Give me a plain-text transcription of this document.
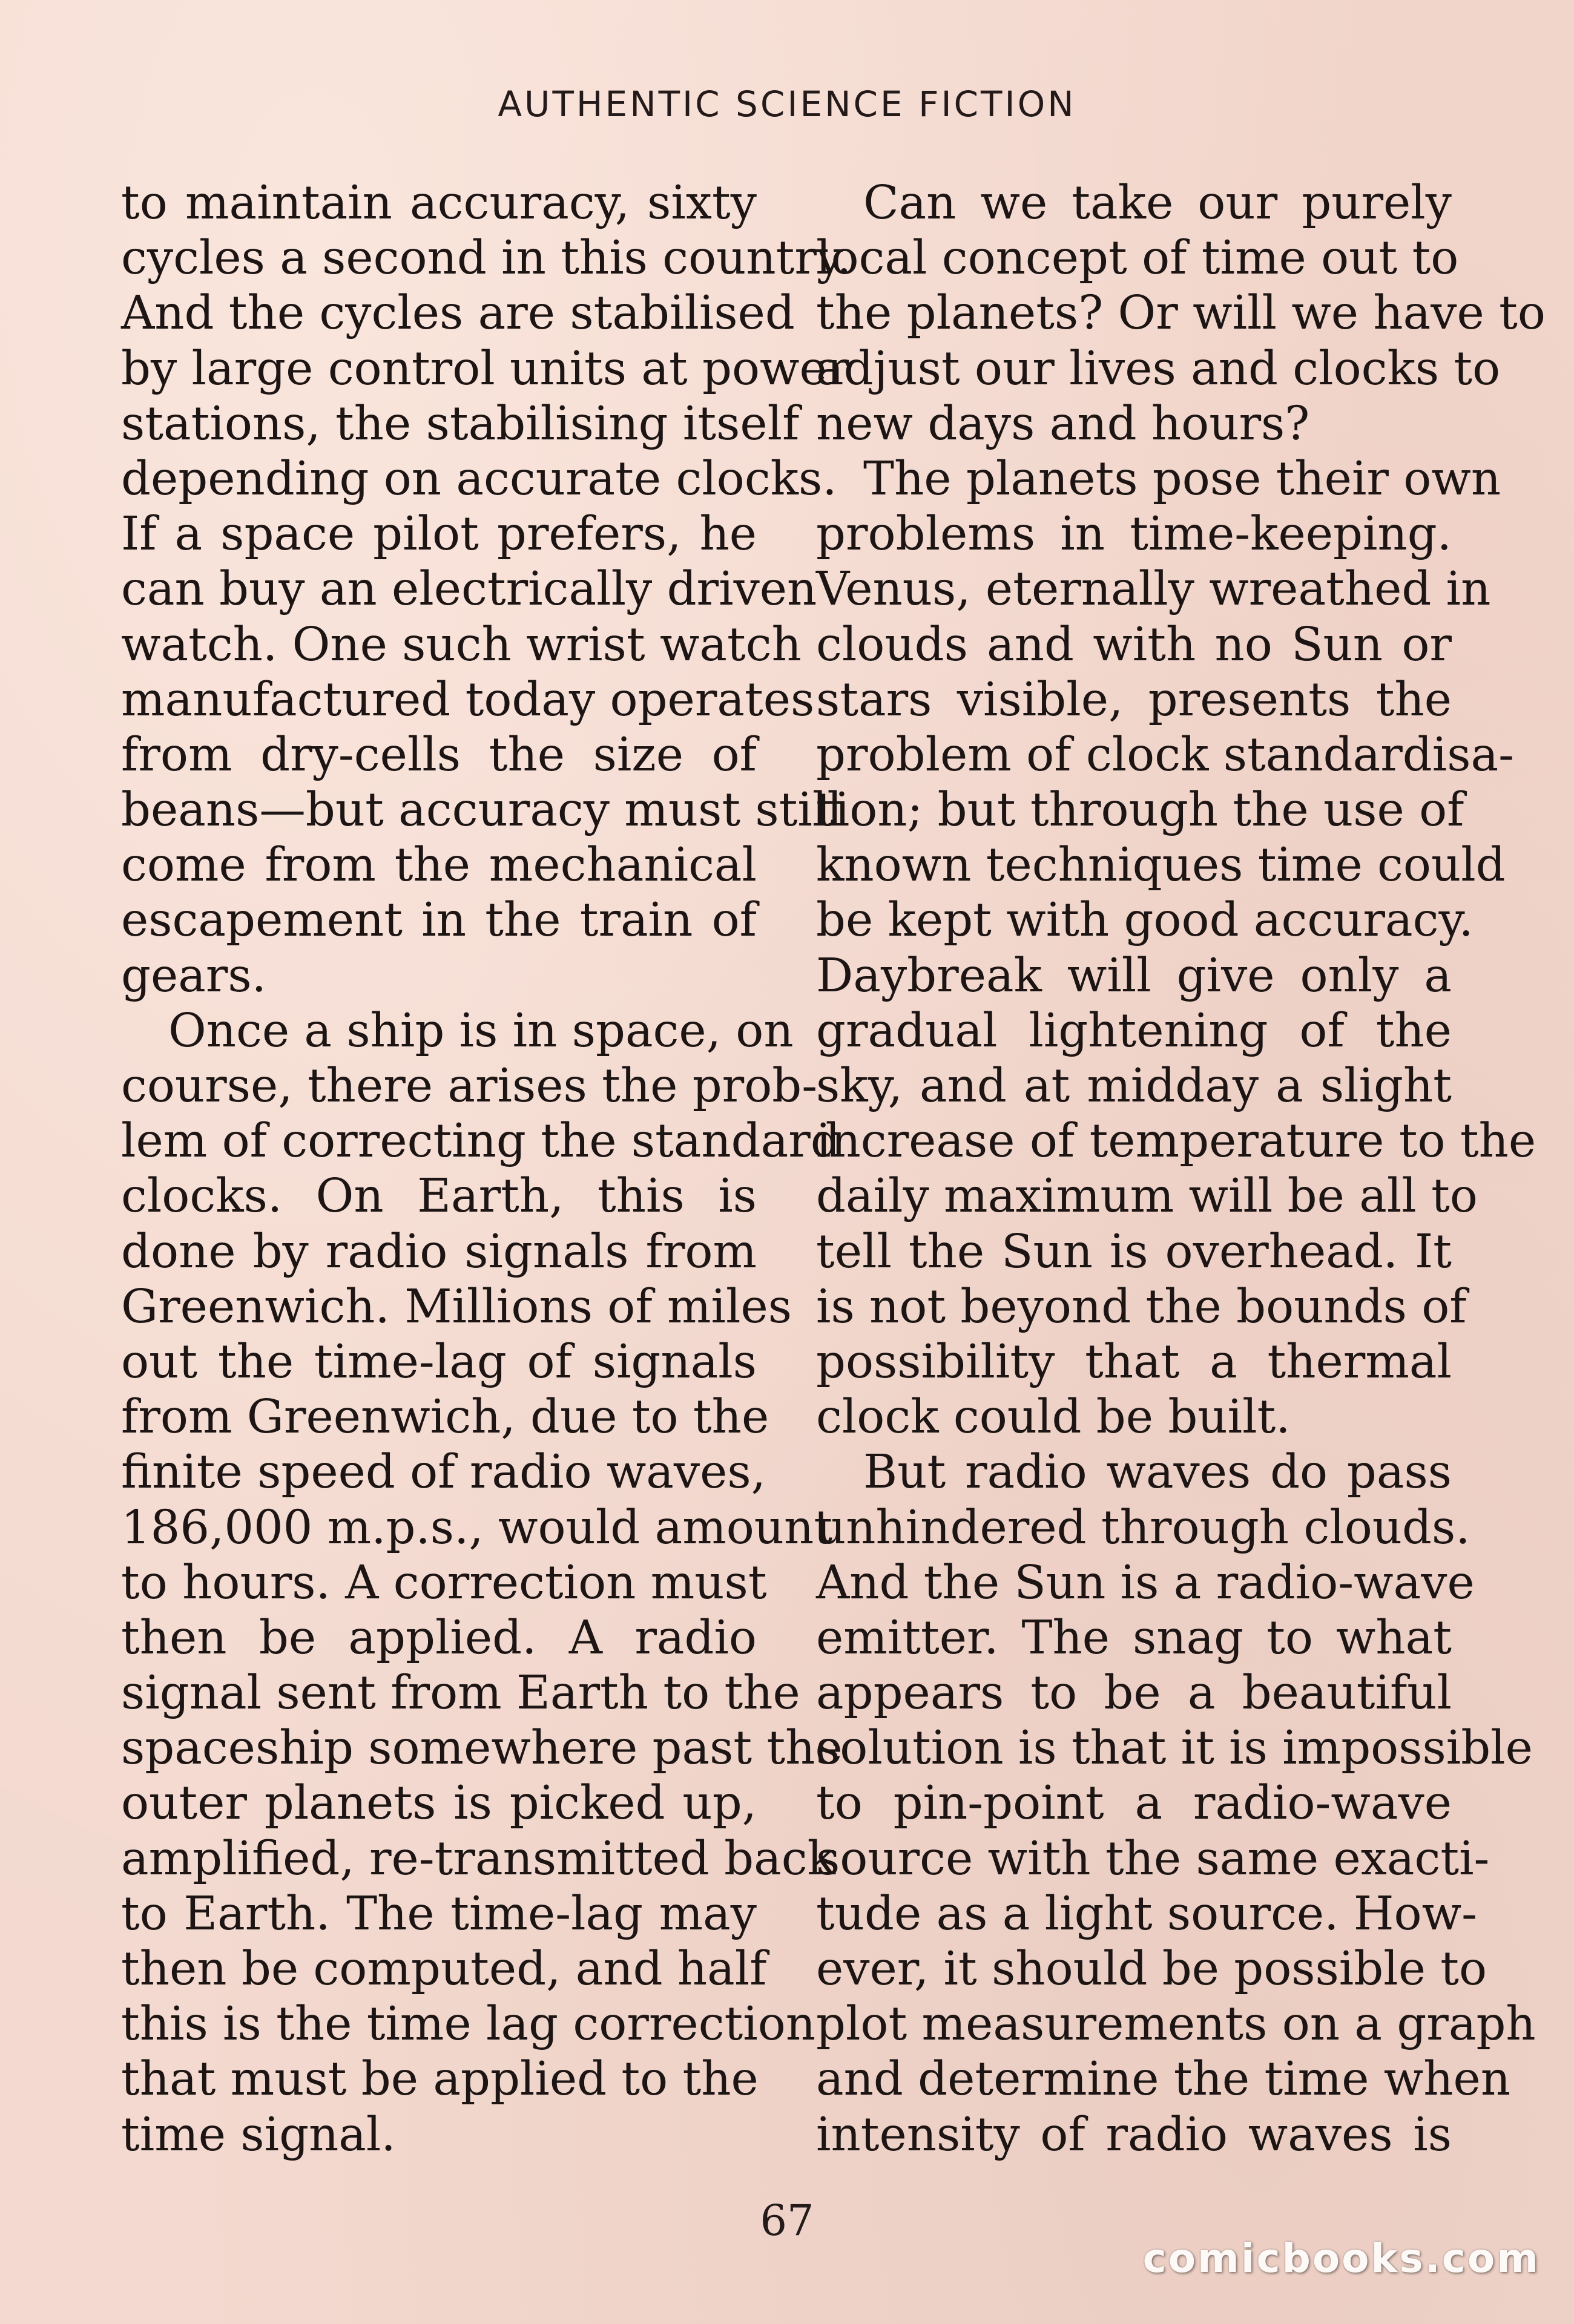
AUTHENTIC SCIENCE FICTION
to maintain accuracy, sixty
cycles a second in this country.
And the cycles are stabilised
by large control units at power
stations, the stabilising itself
depending on accurate clocks.
If a space pilot prefers, he
can buy an electrically driven
watch. One such wrist watch
manufactured today operates
from dry-cells the size of
beans—but accuracy must still
come from the mechanical
escapement in the train of
gears.
Once a ship is in space, on
course, there arises the prob-
lem of correcting the standard
clocks. On Earth, this is
done by radio signals from
Greenwich. Millions of miles
out the time-lag of signals
from Greenwich, due to the
finite speed of radio waves,
186,000 m.p.s., would amount
to hours. A correction must
then be applied. A radio
signal sent from Earth to the
spaceship somewhere past the
outer planets is picked up,
amplified, re-transmitted back
to Earth. The time-lag may
then be computed, and half
this is the time lag correction
that must be applied to the
time signal.
Can we take our purely
local concept of time out to
the planets? Or will we have to
adjust our lives and clocks to
new days and hours?
The planets pose their own
problems in time-keeping.
Venus, eternally wreathed in
clouds and with no Sun or
stars visible, presents the
problem of clock standardisa-
tion; but through the use of
known techniques time could
be kept with good accuracy.
Daybreak will give only a
gradual lightening of the
sky, and at midday a slight
increase of temperature to the
daily maximum will be all to
tell the Sun is overhead. It
is not beyond the bounds of
possibility that a thermal
clock could be built.
But radio waves do pass
unhindered through clouds.
And the Sun is a radio-wave
emitter. The snag to what
appears to be a beautiful
solution is that it is impossible
to pin-point a radio-wave
source with the same exacti-
tude as a light source. How-
ever, it should be possible to
plot measurements on a graph
and determine the time when
intensity of radio waves is
67
comicbooks.com
